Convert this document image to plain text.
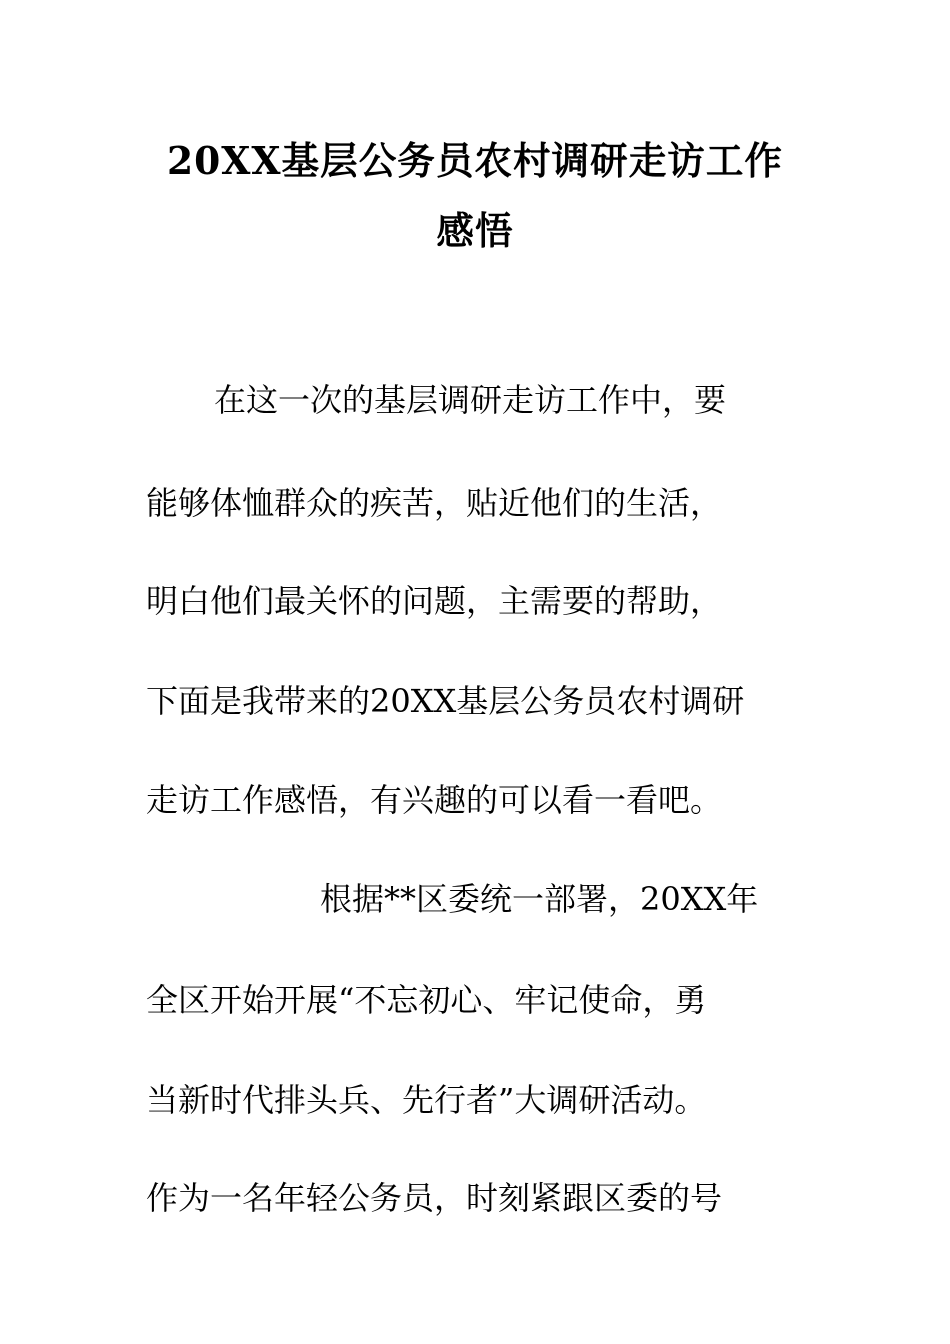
20XX基层公务员农村调研走访工作
感悟
在这一次的基层调研走访工作中，要
能够体恤群众的疾苦，贴近他们的生活，
明白他们最关怀的问题，主需要的帮助，
下面是我带来的20XX基层公务员农村调研
走访工作感悟，有兴趣的可以看一看吧。
根据**区委统一部署，20XX年
全区开始开展“不忘初心、牢记使命，勇
当新时代排头兵、先行者”大调研活动。
作为一名年轻公务员，时刻紧跟区委的号
